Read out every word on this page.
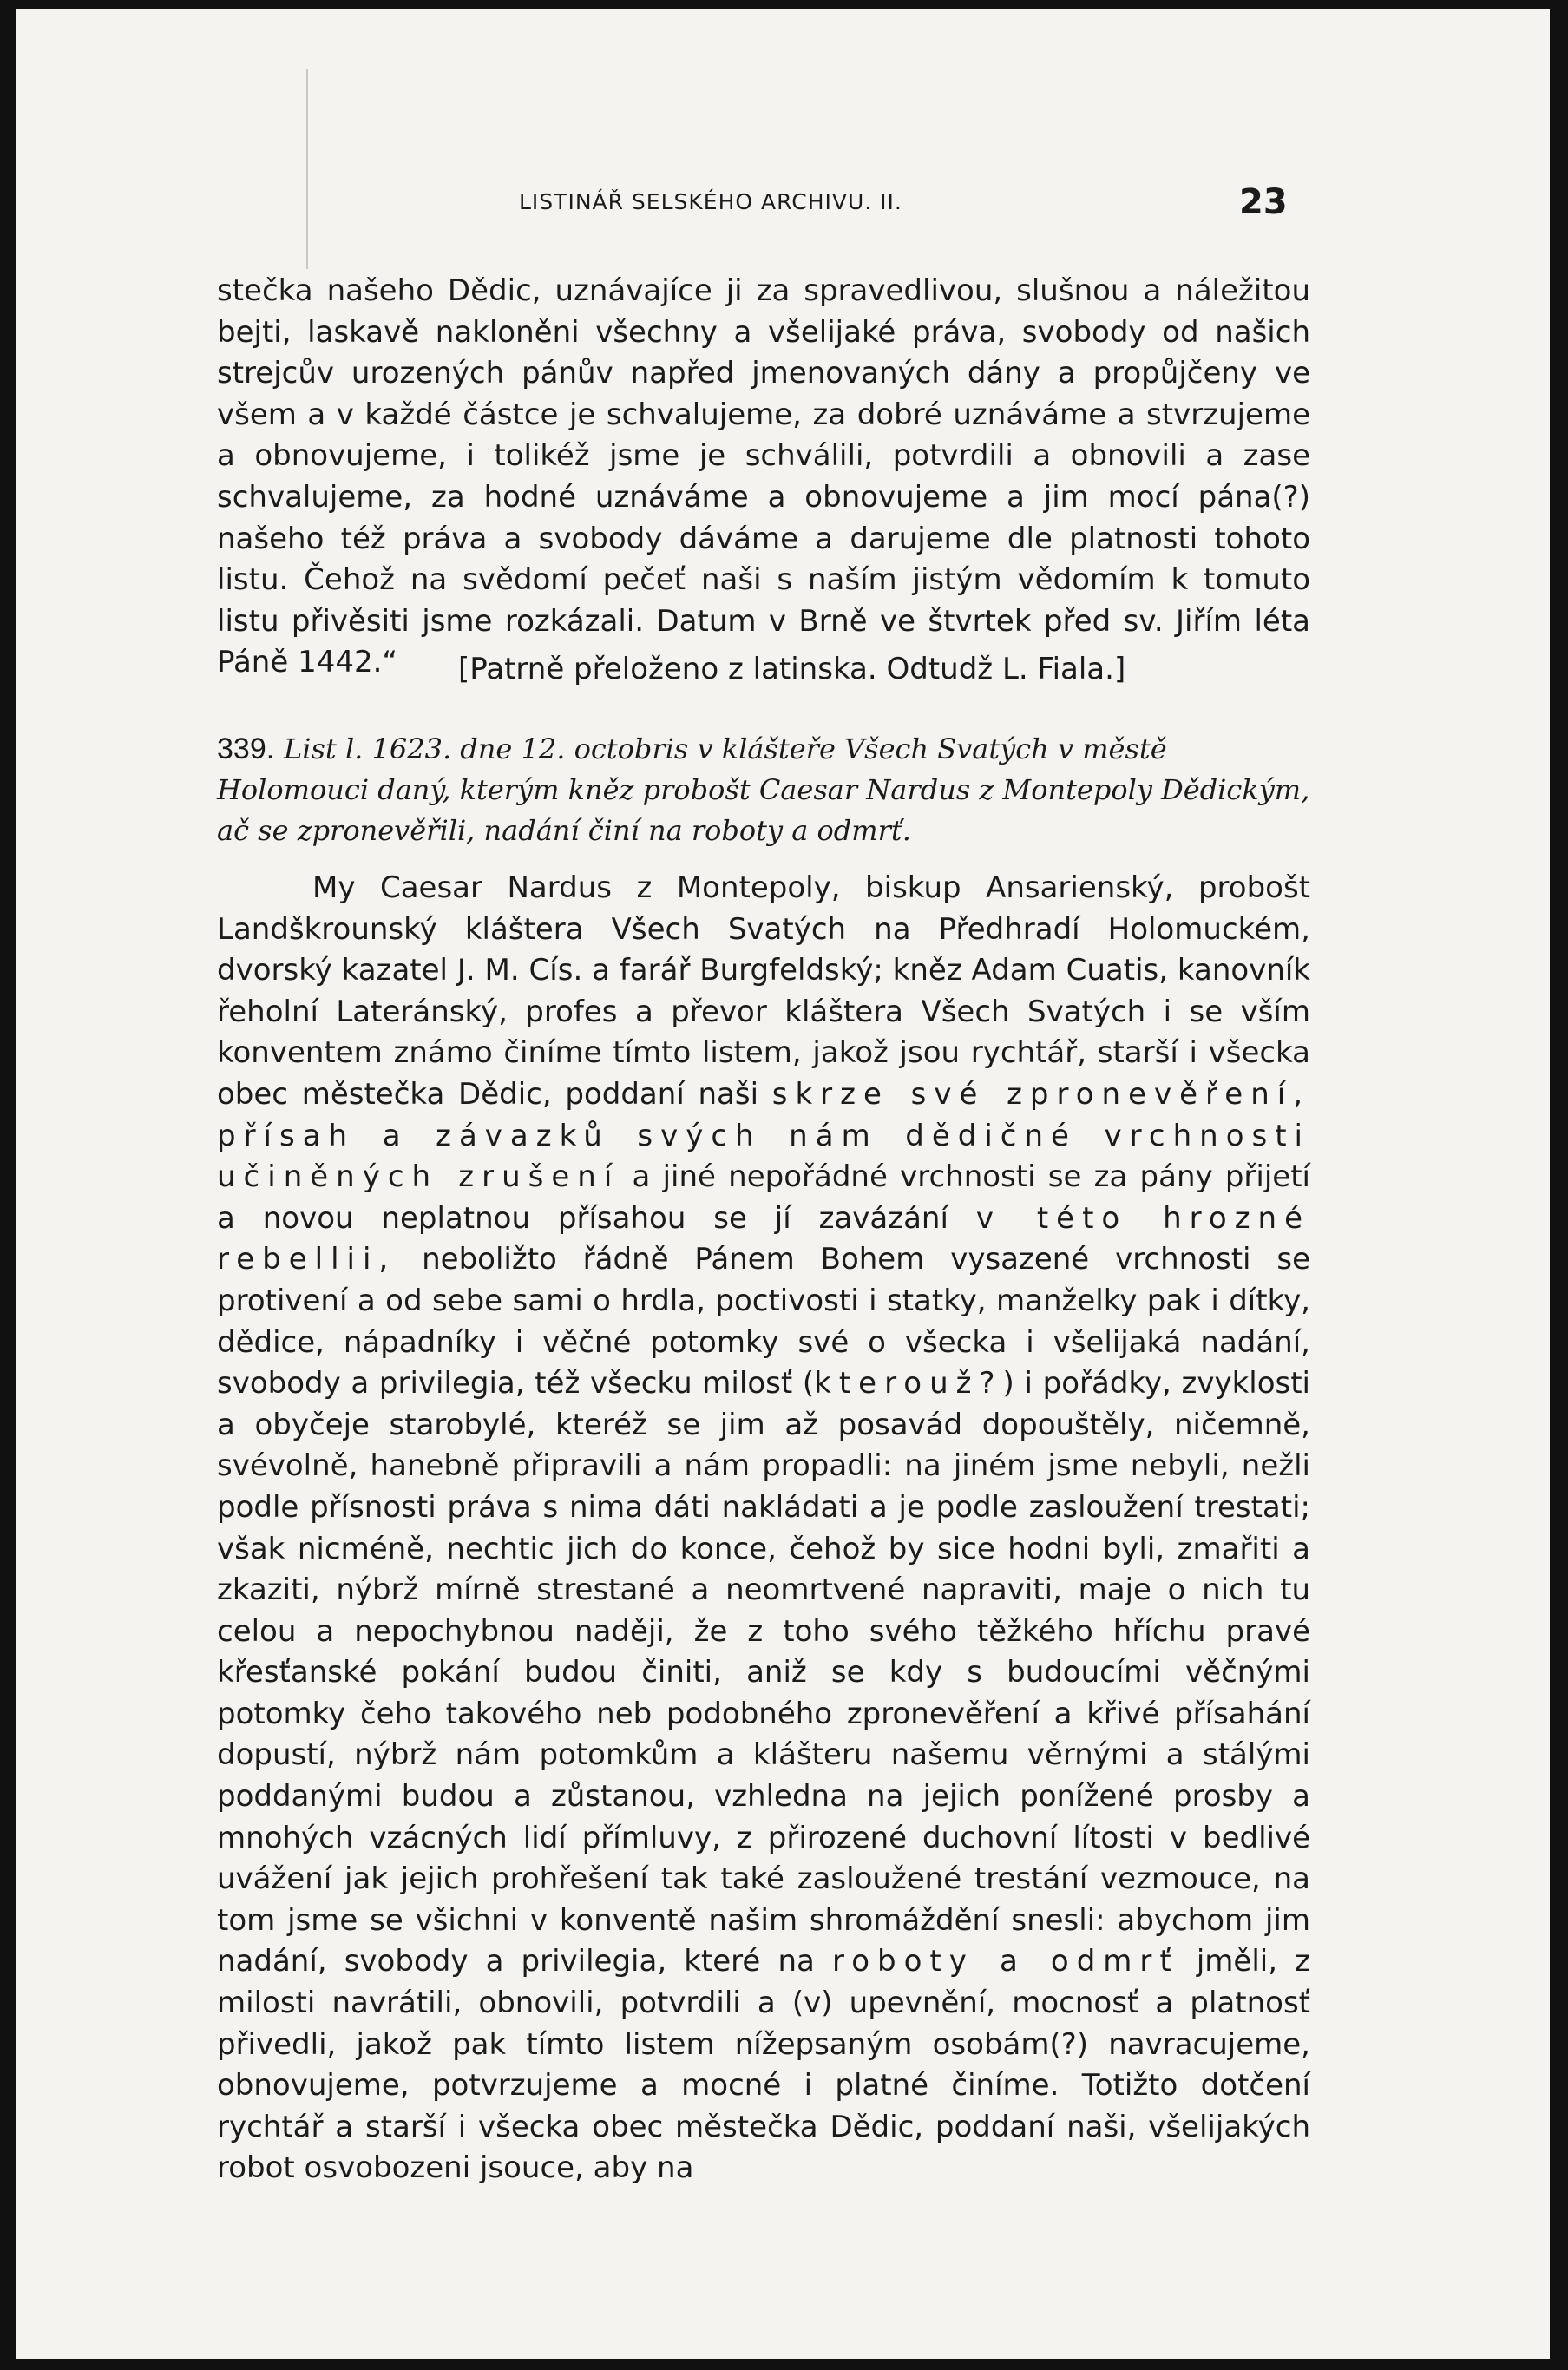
LISTINÁŘ SELSKÉHO ARCHIVU. II.	23
stečka našeho Dědic, uznávajíce ji za spravedlivou, slušnou a náležitou bejti, laskavě nakloněni všechny a všelijaké práva, svobody od našich strejcův urozených pánův napřed jmenovaných dány a propůjčeny ve všem a v každé částce je schvalujeme, za dobré uznáváme a stvrzujeme a obnovujeme, i tolikéž jsme je schválili, potvrdili a obnovili a zase schvalujeme, za hodné uznáváme a obnovujeme a jim mocí pána(?) našeho též práva a svobody dáváme a darujeme dle platnosti tohoto listu. Čehož na svědomí pečeť naši s naším jistým vědomím k tomuto listu přivěsiti jsme rozkázali. Datum v Brně ve štvrtek před sv. Jiřím léta Páně 1442.“	[Patrně přeloženo z latinska. Odtudž L. Fiala.]
339. List l. 1623. dne 12. octobris v klášteře Všech Svatých v městě Holomouci daný, kterým kněz probošt Caesar Nardus z Montepoly Dědickým, ač se zpronevěřili, nadání činí na roboty a odmrť.
My Caesar Nardus z Montepoly, biskup Ansarienský, probošt Landškrounský kláštera Všech Svatých na Předhradí Holomuckém, dvorský kazatel J. M. Cís. a farář Burgfeldský; kněz Adam Cuatis, kanovník řeholní Lateránský, profes a převor kláštera Všech Svatých i se vším konventem známo činíme tímto listem, jakož jsou rychtář, starší i všecka obec městečka Dědic, poddaní naši skrze své zpronevěření, přísah a závazků svých nám dědičné vrchnosti učiněných zrušení a jiné nepořádné vrchnosti se za pány přijetí a novou neplatnou přísahou se jí zavázání v této hrozné rebellii, neboližto řádně Pánem Bohem vysazené vrchnosti se protivení a od sebe sami o hrdla, poctivosti i statky, manželky pak i dítky, dědice, nápadníky i věčné potomky své o všecka i všelijaká nadání, svobody a privilegia, též všecku milosť (kterouž?) i pořádky, zvyklosti a obyčeje starobylé, kteréž se jim až posavád dopouštěly, ničemně, svévolně, hanebně připravili a nám propadli: na jiném jsme nebyli, nežli podle přísnosti práva s nima dáti nakládati a je podle zasloužení trestati; však nicméně, nechtic jich do konce, čehož by sice hodni byli, zmařiti a zkaziti, nýbrž mírně strestané a neomrtvené napraviti, maje o nich tu celou a nepochybnou naději, že z toho svého těžkého hříchu pravé křesťanské pokání budou činiti, aniž se kdy s budoucími věčnými potomky čeho takového neb podobného zpronevěření a křivé přísahání dopustí, nýbrž nám potomkům a klášteru našemu věrnými a stálými poddanými budou a zůstanou, vzhledna na jejich ponížené prosby a mnohých vzácných lidí přímluvy, z přirozené duchovní lítosti v bedlivé uvážení jak jejich prohřešení tak také zasloužené trestání vezmouce, na tom jsme se všichni v konventě našim shromáždění snesli: abychom jim nadání, svobody a privilegia, které na roboty a odmrť jměli, z milosti navrátili, obnovili, potvrdili a (v) upevnění, mocnosť a platnosť přivedli, jakož pak tímto listem nížepsaným osobám(?) navracujeme, obnovujeme, potvrzujeme a mocné i platné činíme. Totižto dotčení rychtář a starší i všecka obec městečka Dědic, poddaní naši, všelijakých robot osvobozeni jsouce, aby na
